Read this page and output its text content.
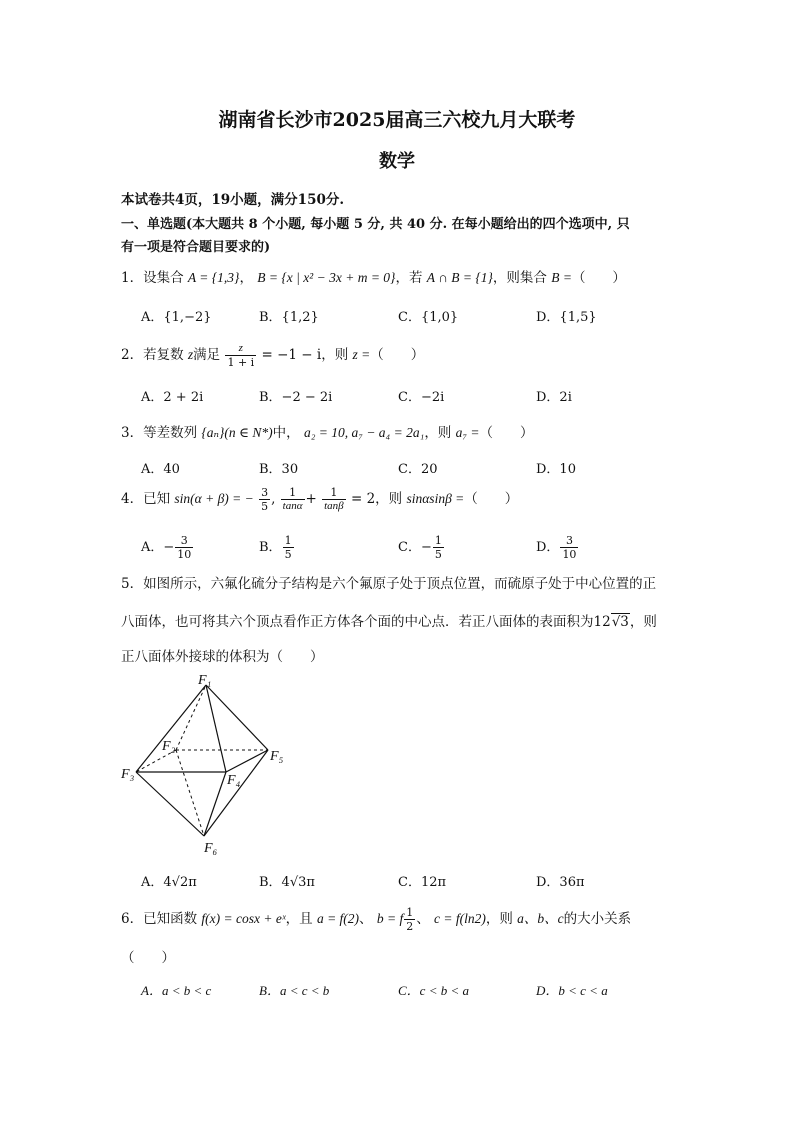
湖南省长沙市2025届高三六校九月大联考
数学
本试卷共4页，19小题，满分150分.
一、单选题(本大题共 8 个小题, 每小题 5 分, 共 40 分. 在每小题给出的四个选项中, 只
有一项是符合题目要求的)
1．设集合 A = {1,3}， B = {x | x² − 3x + m = 0}，若 A ∩ B = {1}，则集合 B =（　　）
A．{1,−2}	B．{1,2}	C．{1,0}	D．{1,5}
2．若复数 z满足 $\frac{z}{1 + i} = -1 - i$，则 z =（　　）
A．2 + 2i	B．−2 − 2i	C．−2i	D．2i
3．等差数列 {aₙ}(n ∈ N*)中， a₂ = 10, a₇ − a₄ = 2a₁，则 a₇ =（　　）
A．40	B．30	C．20	D．10
4．已知 sin(α + β) = − $\frac{3}{5}$ , $\frac{1}{\tan\alpha} + \frac{1}{\tan\beta} = 2$，则 sinαsinβ =（　　）
A．− $\frac{3}{10}$	B． $\frac{1}{5}$	C．− $\frac{1}{5}$	D． $\frac{3}{10}$
5．如图所示，六氟化硫分子结构是六个氟原子处于顶点位置，而硫原子处于中心位置的正
八面体，也可将其六个顶点看作正方体各个面的中心点．若正八面体的表面积为12√3，则
正八面体外接球的体积为（　　）
F₁
F₂
F₃	F₄
F₅
F₆
A．4√2π	B．4√3π	C．12π	D．36π
6．已知函数 f(x) = cosx + eˣ，且 a = f(2)、 b = f $\frac{1}{2}$ 、 c = f(ln2)，则 a、b、c的大小关系
（　　）
A．a < b < c	B．a < c < b	C．c < b < a	D．b < c < a
